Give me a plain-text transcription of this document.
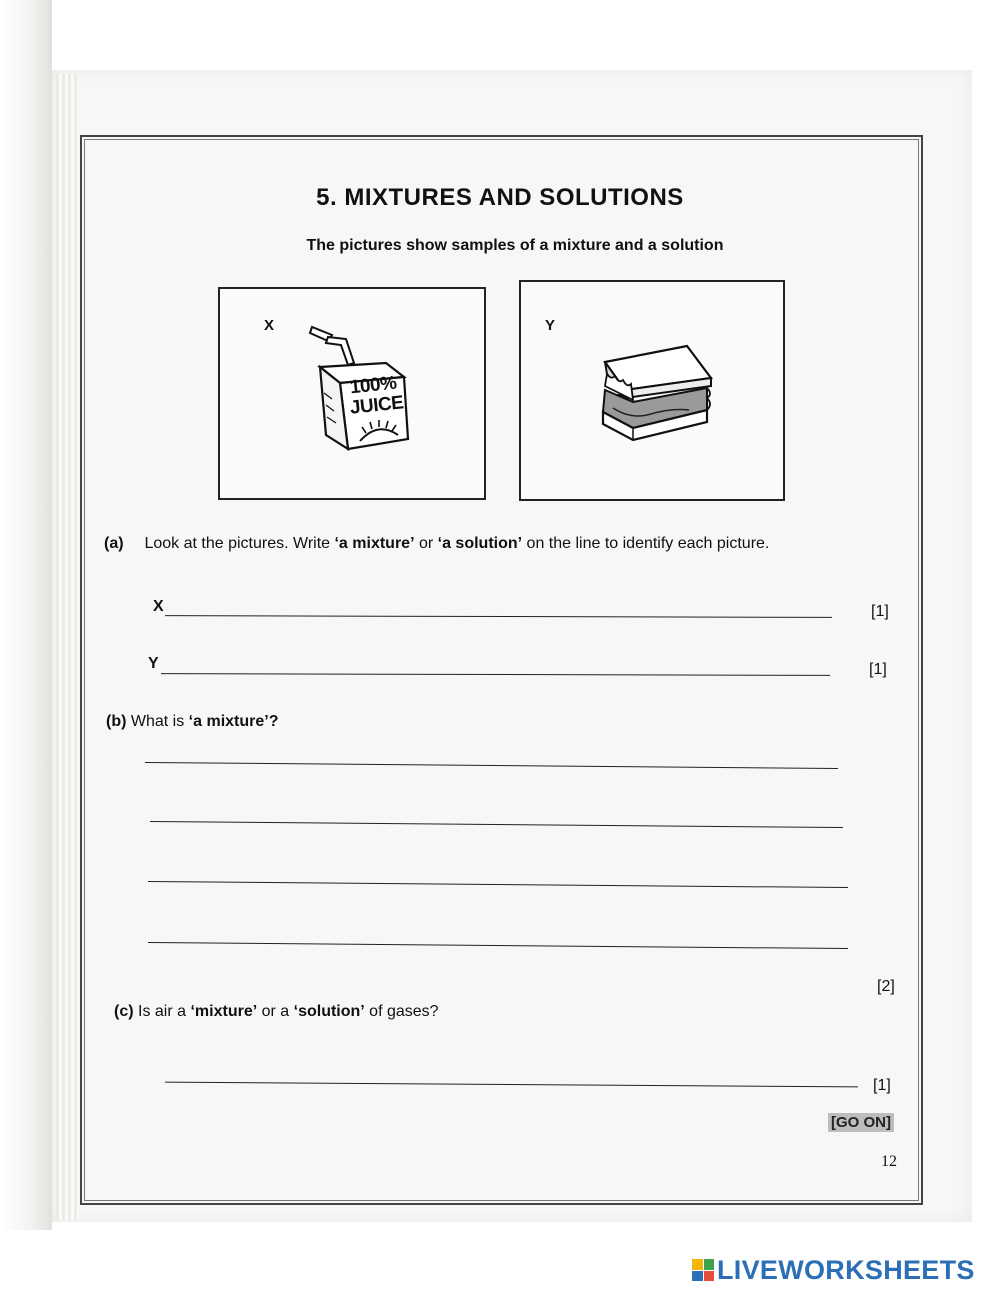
5. MIXTURES AND SOLUTIONS
The pictures show samples of a mixture and a solution
X
100%
JUICE
Y
(a) Look at the pictures. Write ‘a mixture’ or ‘a solution’ on the line to identify each picture.
X	[1]
Y	[1]
(b) What is ‘a mixture’?
[2]
(c) Is air a ‘mixture’ or a ‘solution’ of gases?
[1]
[GO ON]
12
LIVEWORKSHEETS
